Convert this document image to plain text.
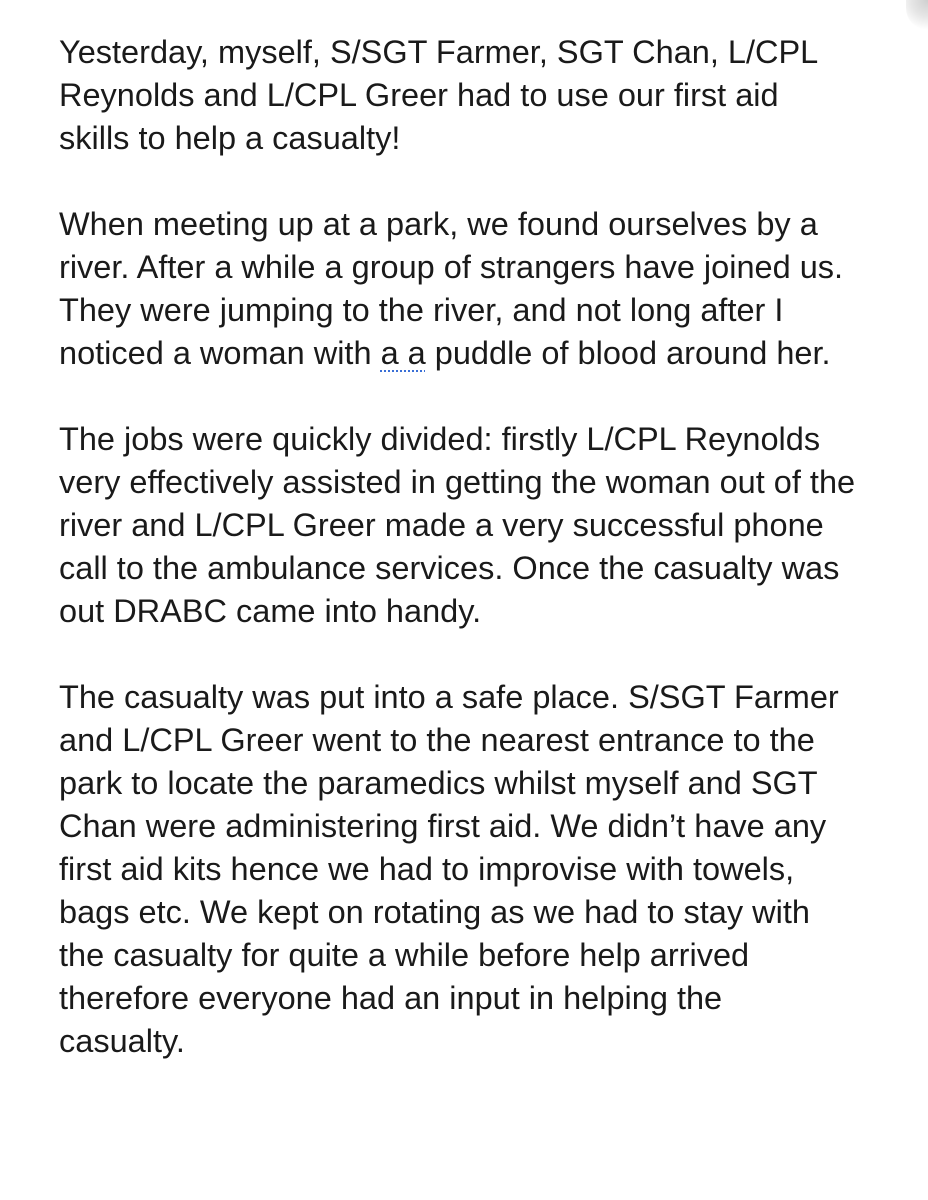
Yesterday, myself, S/SGT Farmer, SGT Chan, L/CPL
Reynolds and L/CPL Greer had to use our first aid
skills to help a casualty!

When meeting up at a park, we found ourselves by a
river. After a while a group of strangers have joined us.
They were jumping to the river, and not long after I
noticed a woman with a a puddle of blood around her.

The jobs were quickly divided: firstly L/CPL Reynolds
very effectively assisted in getting the woman out of the
river and L/CPL Greer made a very successful phone
call to the ambulance services. Once the casualty was
out DRABC came into handy.

The casualty was put into a safe place. S/SGT Farmer
and L/CPL Greer went to the nearest entrance to the
park to locate the paramedics whilst myself and SGT
Chan were administering first aid. We didn’t have any
first aid kits hence we had to improvise with towels,
bags etc. We kept on rotating as we had to stay with
the casualty for quite a while before help arrived
therefore everyone had an input in helping the
casualty.
